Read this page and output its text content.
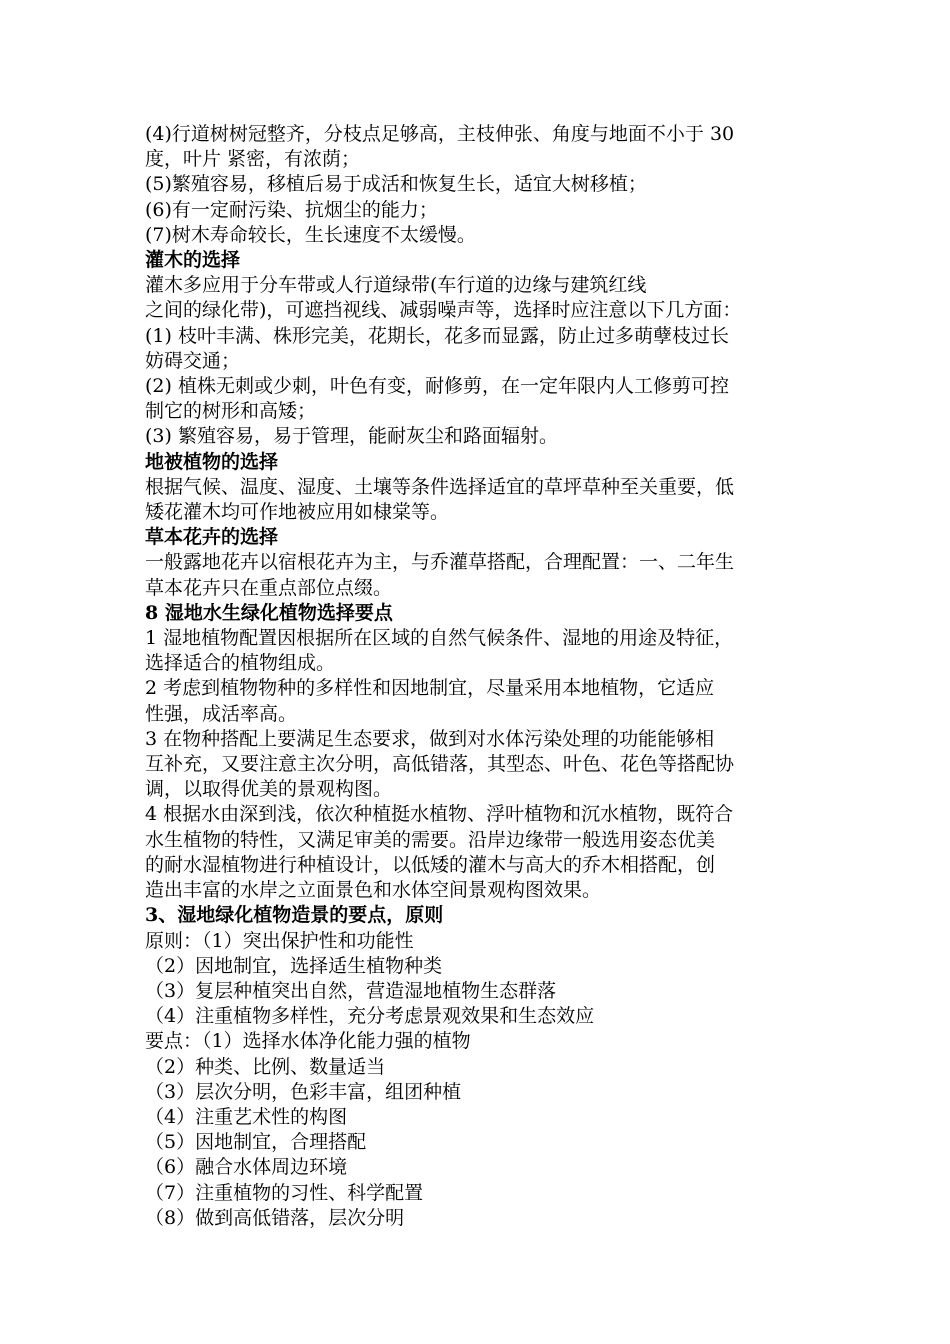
(4)行道树树冠整齐，分枝点足够高，主枝伸张、角度与地面不小于 30
度，叶片 紧密，有浓荫；
(5)繁殖容易，移植后易于成活和恢复生长，适宜大树移植；
(6)有一定耐污染、抗烟尘的能力；
(7)树木寿命较长，生长速度不太缓慢。
灌木的选择
灌木多应用于分车带或人行道绿带(车行道的边缘与建筑红线
之间的绿化带)，可遮挡视线、减弱噪声等，选择时应注意以下几方面：
(1) 枝叶丰满、株形完美，花期长，花多而显露，防止过多萌孽枝过长
妨碍交通；
(2) 植株无刺或少刺，叶色有变，耐修剪，在一定年限内人工修剪可控
制它的树形和高矮；
(3) 繁殖容易，易于管理，能耐灰尘和路面辐射。
地被植物的选择
根据气候、温度、湿度、土壤等条件选择适宜的草坪草种至关重要，低
矮花灌木均可作地被应用如棣棠等。
草本花卉的选择
一般露地花卉以宿根花卉为主，与乔灌草搭配，合理配置：一、二年生
草本花卉只在重点部位点缀。
8 湿地水生绿化植物选择要点
1 湿地植物配置因根据所在区域的自然气候条件、湿地的用途及特征，
选择适合的植物组成。
2 考虑到植物物种的多样性和因地制宜，尽量采用本地植物，它适应
性强，成活率高。
3 在物种搭配上要满足生态要求，做到对水体污染处理的功能能够相
互补充，又要注意主次分明，高低错落，其型态、叶色、花色等搭配协
调，以取得优美的景观构图。
4 根据水由深到浅，依次种植挺水植物、浮叶植物和沉水植物，既符合
水生植物的特性，又满足审美的需要。沿岸边缘带一般选用姿态优美
的耐水湿植物进行种植设计，以低矮的灌木与高大的乔木相搭配，创
造出丰富的水岸之立面景色和水体空间景观构图效果。
3、湿地绿化植物造景的要点，原则
原则：（1）突出保护性和功能性
（2）因地制宜，选择适生植物种类
（3）复层种植突出自然，营造湿地植物生态群落
（4）注重植物多样性，充分考虑景观效果和生态效应
要点：（1）选择水体净化能力强的植物
（2）种类、比例、数量适当
（3）层次分明，色彩丰富，组团种植
（4）注重艺术性的构图
（5）因地制宜，合理搭配
（6）融合水体周边环境
（7）注重植物的习性、科学配置
（8）做到高低错落，层次分明
